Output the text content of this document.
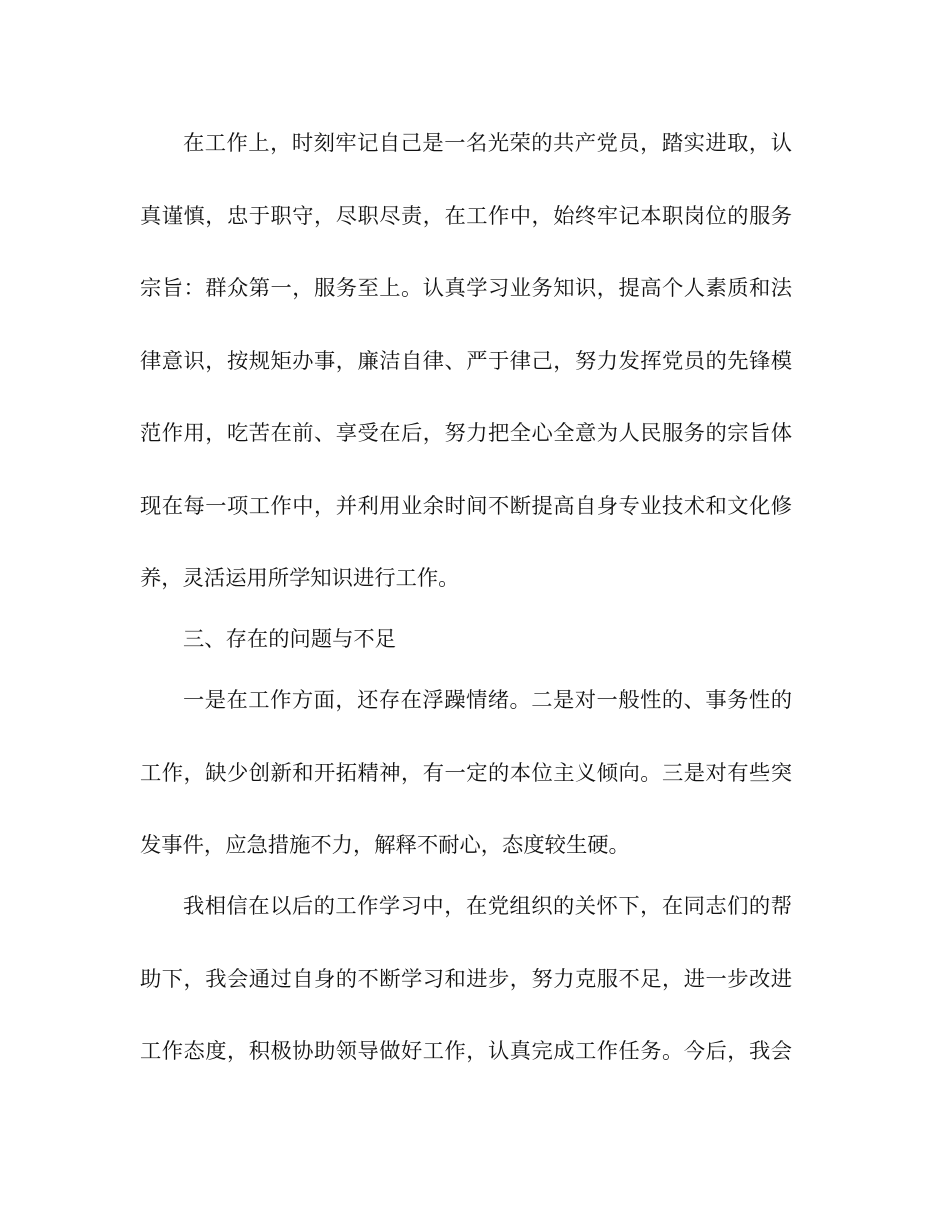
在工作上，时刻牢记自己是一名光荣的共产党员，踏实进取，认
真谨慎，忠于职守，尽职尽责，在工作中，始终牢记本职岗位的服务
宗旨：群众第一，服务至上。认真学习业务知识，提高个人素质和法
律意识，按规矩办事，廉洁自律、严于律己，努力发挥党员的先锋模
范作用，吃苦在前、享受在后，努力把全心全意为人民服务的宗旨体
现在每一项工作中，并利用业余时间不断提高自身专业技术和文化修
养，灵活运用所学知识进行工作。
三、存在的问题与不足
一是在工作方面，还存在浮躁情绪。二是对一般性的、事务性的
工作，缺少创新和开拓精神，有一定的本位主义倾向。三是对有些突
发事件，应急措施不力，解释不耐心，态度较生硬。
我相信在以后的工作学习中，在党组织的关怀下，在同志们的帮
助下，我会通过自身的不断学习和进步，努力克服不足，进一步改进
工作态度，积极协助领导做好工作，认真完成工作任务。今后，我会
